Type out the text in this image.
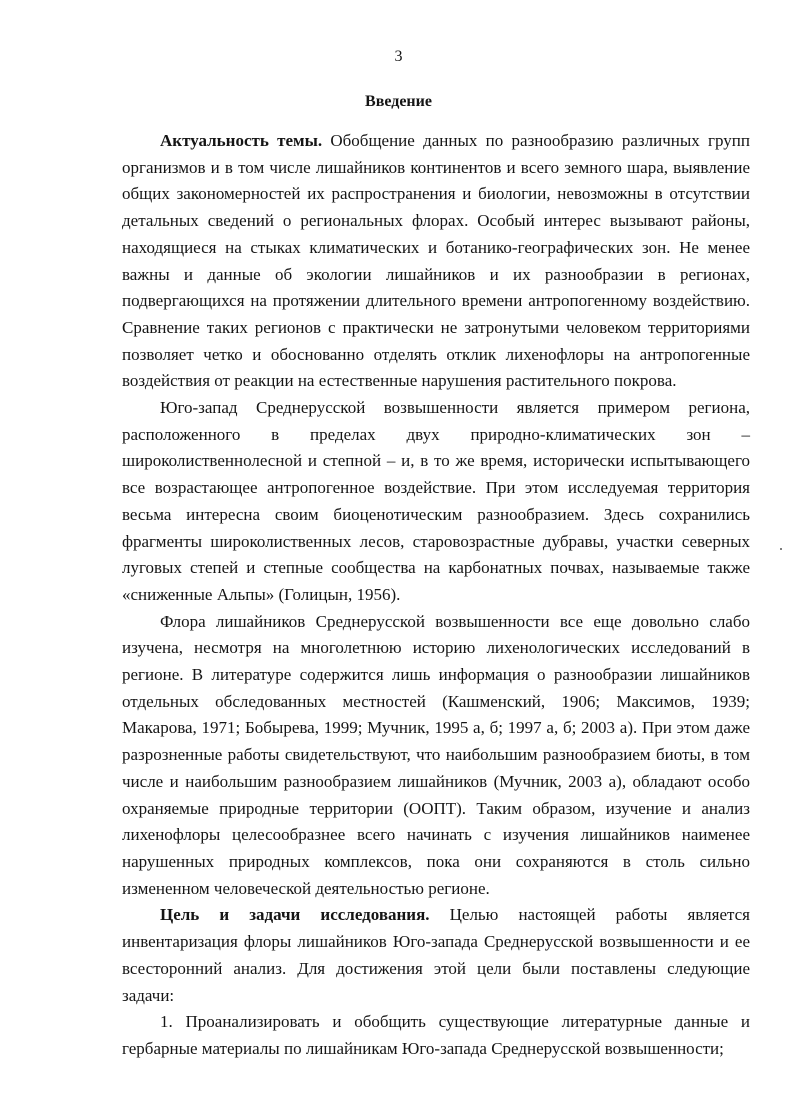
3
Введение

Актуальность темы. Обобщение данных по разнообразию различных групп организмов и в том числе лишайников континентов и всего земного шара, выявление общих закономерностей их распространения и биологии, невозможны в отсутствии детальных сведений о региональных флорах. Особый интерес вызывают районы, находящиеся на стыках климатических и ботанико-географических зон. Не менее важны и данные об экологии лишайников и их разнообразии в регионах, подвергающихся на протяжении длительного времени антропогенному воздействию. Сравнение таких регионов с практически не затронутыми человеком территориями позволяет четко и обоснованно отделять отклик лихенофлоры на антропогенные воздействия от реакции на естественные нарушения растительного покрова.

Юго-запад Среднерусской возвышенности является примером региона, расположенного в пределах двух природно-климатических зон – широколиственнолесной и степной – и, в то же время, исторически испытывающего все возрастающее антропогенное воздействие. При этом исследуемая территория весьма интересна своим биоценотическим разнообразием. Здесь сохранились фрагменты широколиственных лесов, старовозрастные дубравы, участки северных луговых степей и степные сообщества на карбонатных почвах, называемые также «сниженные Альпы» (Голицын, 1956).

Флора лишайников Среднерусской возвышенности все еще довольно слабо изучена, несмотря на многолетнюю историю лихенологических исследований в регионе. В литературе содержится лишь информация о разнообразии лишайников отдельных обследованных местностей (Кашменский, 1906; Максимов, 1939; Макарова, 1971; Бобырева, 1999; Мучник, 1995 а, б; 1997 а, б; 2003 а). При этом даже разрозненные работы свидетельствуют, что наибольшим разнообразием биоты, в том числе и наибольшим разнообразием лишайников (Мучник, 2003 а), обладают особо охраняемые природные территории (ООПТ). Таким образом, изучение и анализ лихенофлоры целесообразнее всего начинать с изучения лишайников наименее нарушенных природных комплексов, пока они сохраняются в столь сильно измененном человеческой деятельностью регионе.

Цель и задачи исследования. Целью настоящей работы является инвентаризация флоры лишайников Юго-запада Среднерусской возвышенности и ее всесторонний анализ. Для достижения этой цели были поставлены следующие задачи:

1. Проанализировать и обобщить существующие литературные данные и гербарные материалы по лишайникам Юго-запада Среднерусской возвышенности;
